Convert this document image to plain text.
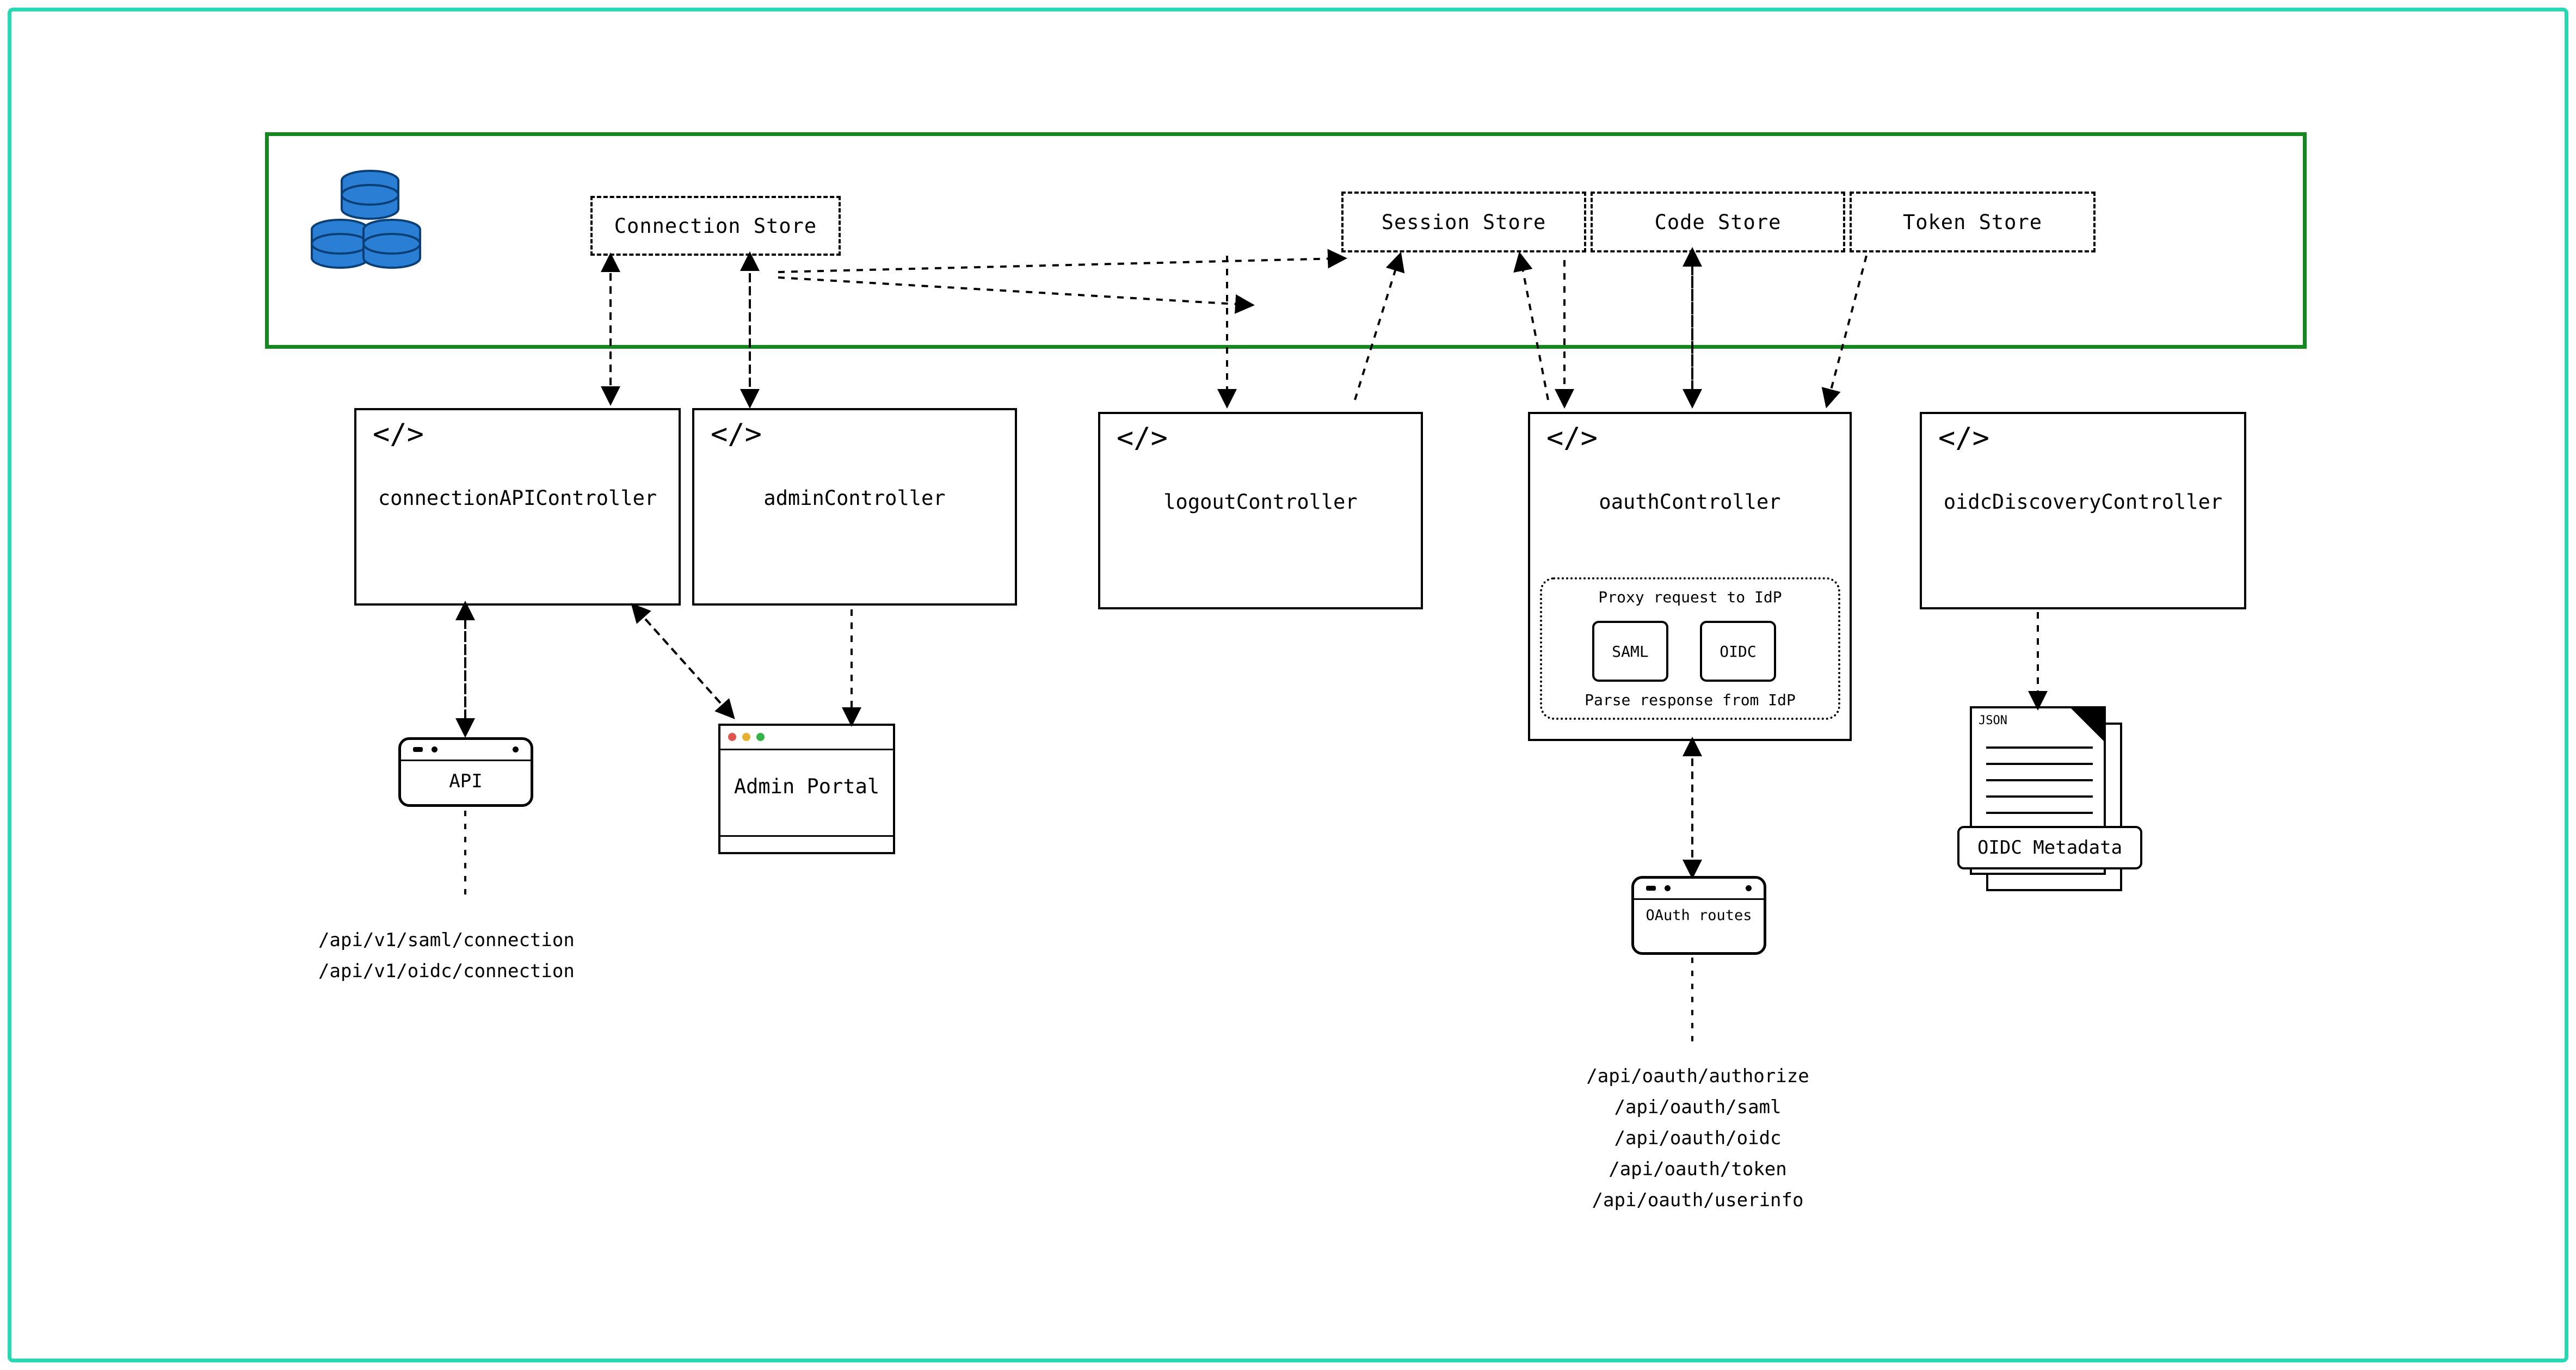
Connection Store	Session Store	Code Store	Token Store
</>
connectionAPIController
</>
adminController
</>
logoutController
</>
oauthController
Proxy request to IdP
SAML	OIDC
Parse response from IdP
</>
oidcDiscoveryController
API	Admin Portal
OAuth routes
JSON
OIDC Metadata
/api/v1/saml/connection
/api/v1/oidc/connection
/api/oauth/authorize
/api/oauth/saml
/api/oauth/oidc
/api/oauth/token
/api/oauth/userinfo
